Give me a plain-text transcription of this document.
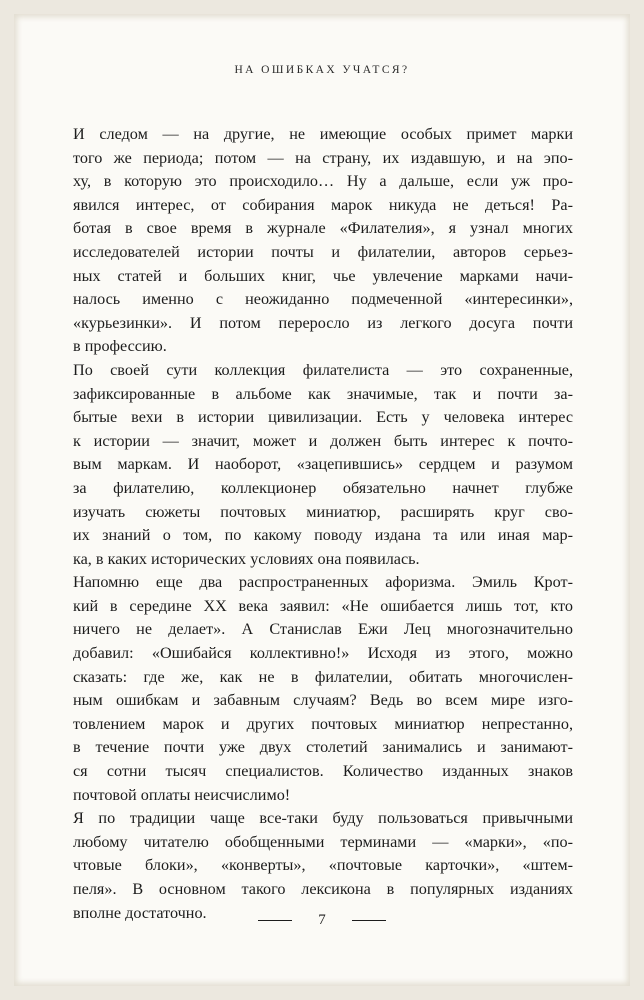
НА ОШИБКАХ УЧАТСЯ?

И следом — на другие, не имеющие особых примет марки
того же периода; потом — на страну, их издавшую, и на эпо-
ху, в которую это происходило… Ну а дальше, если уж про-
явился интерес, от собирания марок никуда не деться! Ра-
ботая в свое время в журнале «Филателия», я узнал многих
исследователей истории почты и филателии, авторов серьез-
ных статей и больших книг, чье увлечение марками начи-
налось именно с неожиданно подмеченной «интересинки»,
«курьезинки». И потом переросло из легкого досуга почти
в профессию.

По своей сути коллекция филателиста — это сохраненные,
зафиксированные в альбоме как значимые, так и почти за-
бытые вехи в истории цивилизации. Есть у человека интерес
к истории — значит, может и должен быть интерес к почто-
вым маркам. И наоборот, «зацепившись» сердцем и разумом
за филателию, коллекционер обязательно начнет глубже
изучать сюжеты почтовых миниатюр, расширять круг сво-
их знаний о том, по какому поводу издана та или иная мар-
ка, в каких исторических условиях она появилась.

Напомню еще два распространенных афоризма. Эмиль Крот-
кий в середине XX века заявил: «Не ошибается лишь тот, кто
ничего не делает». А Станислав Ежи Лец многозначительно
добавил: «Ошибайся коллективно!» Исходя из этого, можно
сказать: где же, как не в филателии, обитать многочислен-
ным ошибкам и забавным случаям? Ведь во всем мире изго-
товлением марок и других почтовых миниатюр непрестанно,
в течение почти уже двух столетий занимались и занимают-
ся сотни тысяч специалистов. Количество изданных знаков
почтовой оплаты неисчислимо!

Я по традиции чаще все-таки буду пользоваться привычными
любому читателю обобщенными терминами — «марки», «по-
чтовые блоки», «конверты», «почтовые карточки», «штем-
пеля». В основном такого лексикона в популярных изданиях
вполне достаточно.	7
